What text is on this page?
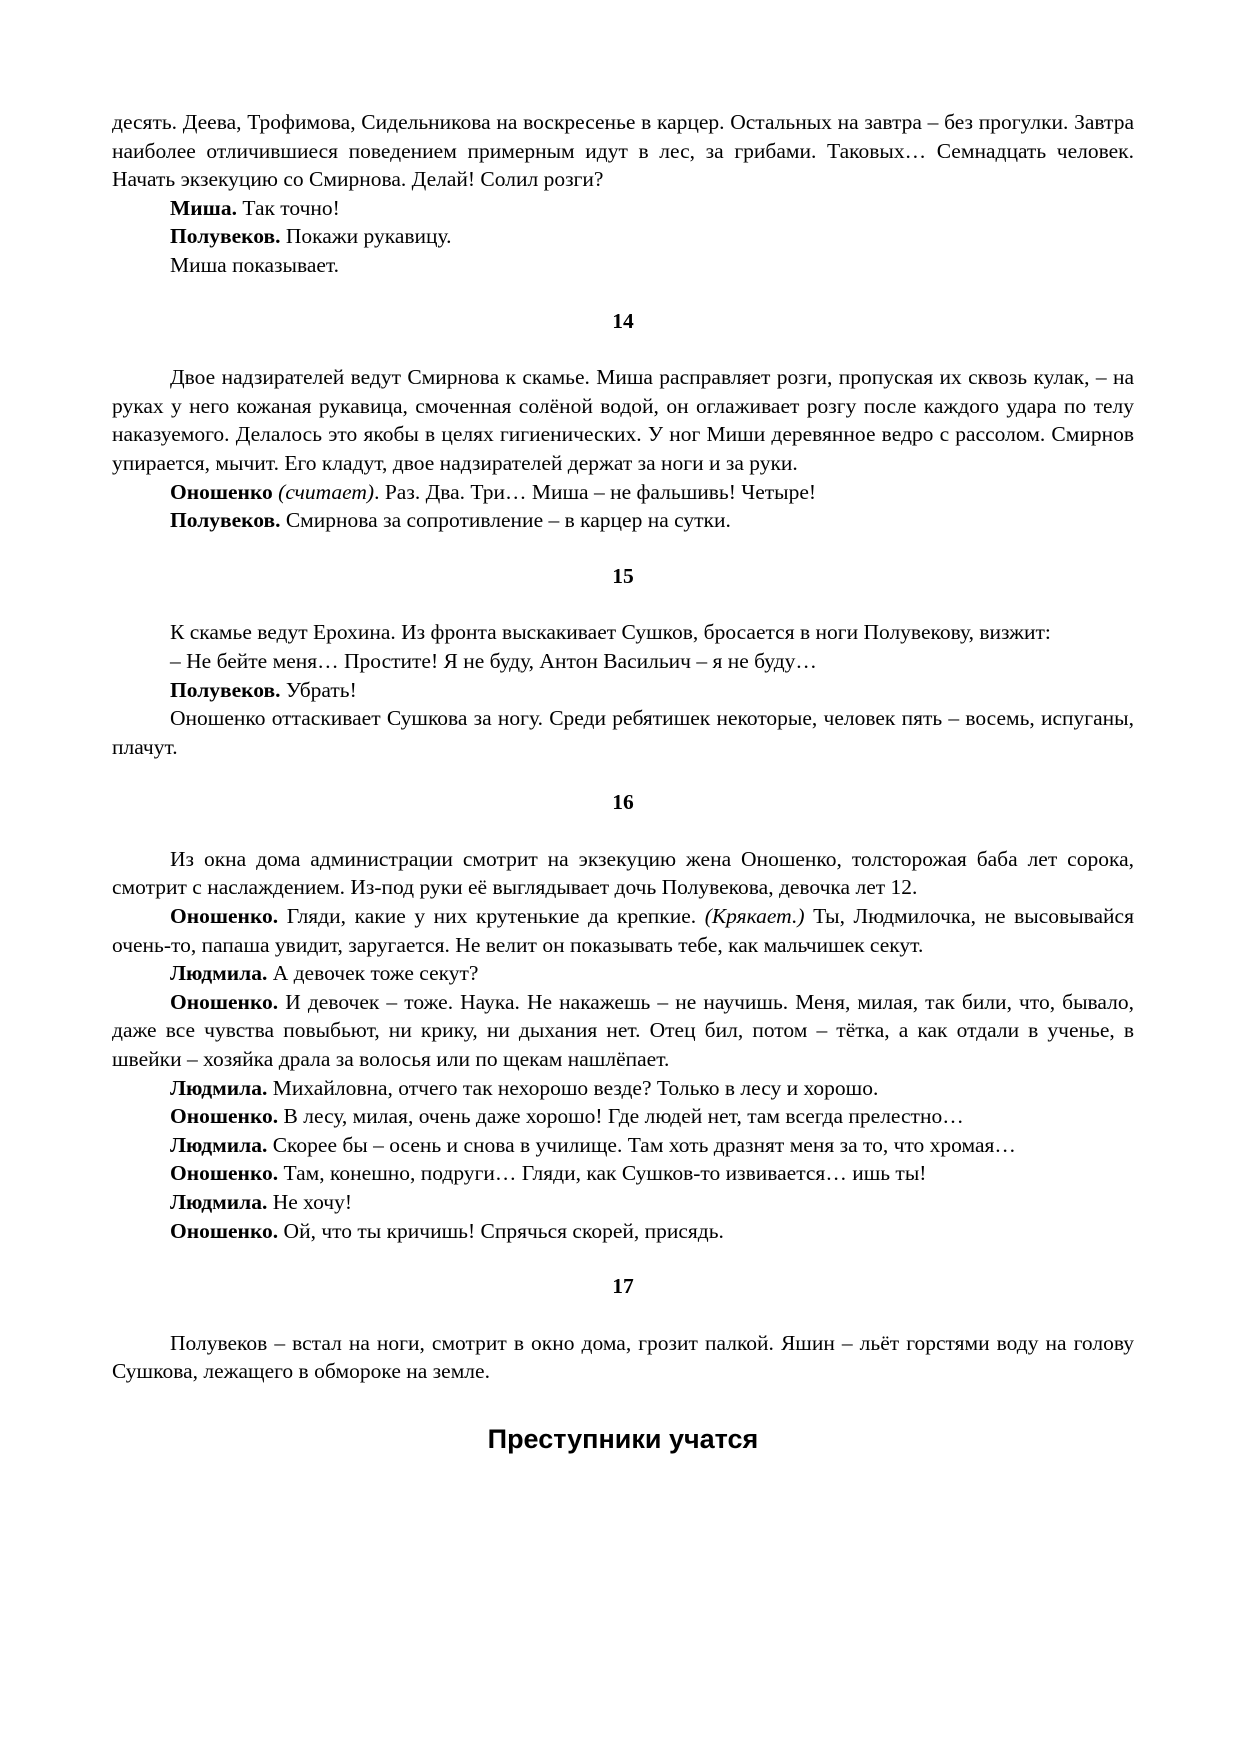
десять. Деева, Трофимова, Сидельникова на воскресенье в карцер. Остальных на завтра – без прогулки. Завтра наиболее отличившиеся поведением примерным идут в лес, за грибами. Таковых… Семнадцать человек. Начать экзекуцию со Смирнова. Делай! Солил розги?

Миша. Так точно!

Полувеков. Покажи рукавицу.

Миша показывает.

14

Двое надзирателей ведут Смирнова к скамье. Миша расправляет розги, пропуская их сквозь кулак, – на руках у него кожаная рукавица, смоченная солёной водой, он оглаживает розгу после каждого удара по телу наказуемого. Делалось это якобы в целях гигиенических. У ног Миши деревянное ведро с рассолом. Смирнов упирается, мычит. Его кладут, двое надзирателей держат за ноги и за руки.

Оношенко (считает). Раз. Два. Три… Миша – не фальшивь! Четыре!

Полувеков. Смирнова за сопротивление – в карцер на сутки.

15

К скамье ведут Ерохина. Из фронта выскакивает Сушков, бросается в ноги Полувекову, визжит:

– Не бейте меня… Простите! Я не буду, Антон Васильич – я не буду…

Полувеков. Убрать!

Оношенко оттаскивает Сушкова за ногу. Среди ребятишек некоторые, человек пять – восемь, испуганы, плачут.

16

Из окна дома администрации смотрит на экзекуцию жена Оношенко, толсторожая баба лет сорока, смотрит с наслаждением. Из-под руки её выглядывает дочь Полувекова, девочка лет 12.

Оношенко. Гляди, какие у них крутенькие да крепкие. (Крякает.) Ты, Людмилочка, не высовывайся очень-то, папаша увидит, заругается. Не велит он показывать тебе, как мальчишек секут.

Людмила. А девочек тоже секут?

Оношенко. И девочек – тоже. Наука. Не накажешь – не научишь. Меня, милая, так били, что, бывало, даже все чувства повыбьют, ни крику, ни дыхания нет. Отец бил, потом – тётка, а как отдали в ученье, в швейки – хозяйка драла за волосья или по щекам нашлёпает.

Людмила. Михайловна, отчего так нехорошо везде? Только в лесу и хорошо.

Оношенко. В лесу, милая, очень даже хорошо! Где людей нет, там всегда прелестно…

Людмила. Скорее бы – осень и снова в училище. Там хоть дразнят меня за то, что хромая…

Оношенко. Там, конешно, подруги… Гляди, как Сушков-то извивается… ишь ты!

Людмила. Не хочу!

Оношенко. Ой, что ты кричишь! Спрячься скорей, присядь.

17

Полувеков – встал на ноги, смотрит в окно дома, грозит палкой. Яшин – льёт горстями воду на голову Сушкова, лежащего в обмороке на земле.

Преступники учатся
